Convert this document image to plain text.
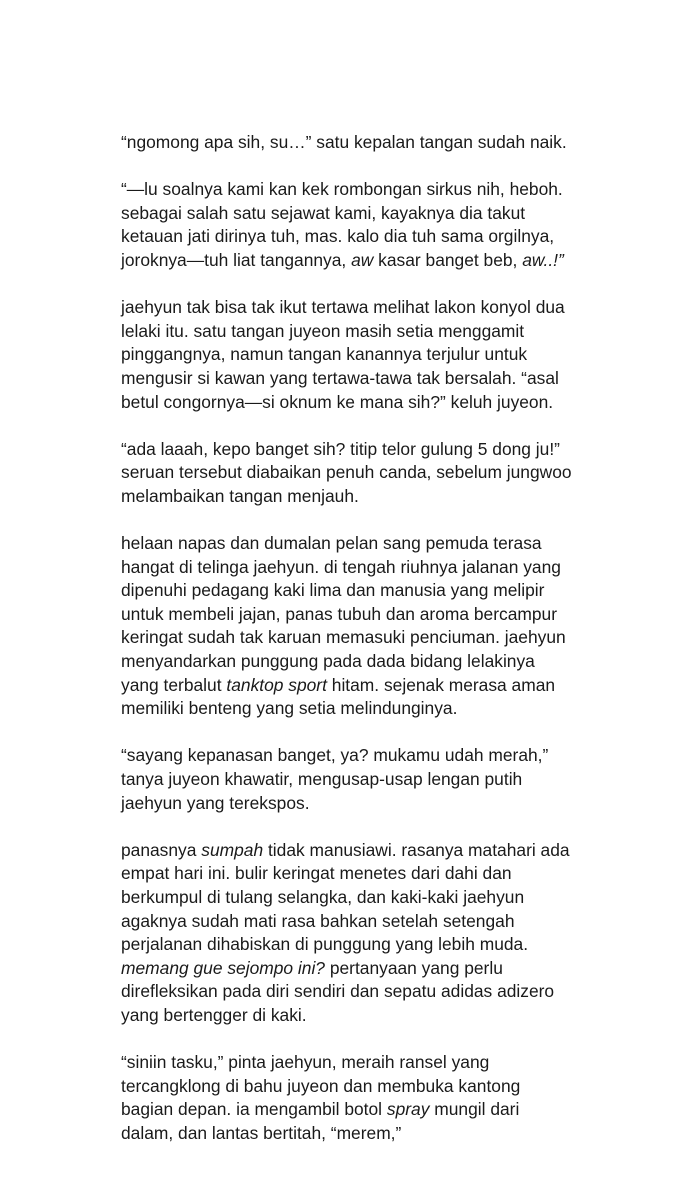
“ngomong apa sih, su…” satu kepalan tangan sudah naik.
“—lu soalnya kami kan kek rombongan sirkus nih, heboh.
sebagai salah satu sejawat kami, kayaknya dia takut
ketauan jati dirinya tuh, mas. kalo dia tuh sama orgilnya,
joroknya—tuh liat tangannya, aw kasar banget beb, aw..!”
jaehyun tak bisa tak ikut tertawa melihat lakon konyol dua
lelaki itu. satu tangan juyeon masih setia menggamit
pinggangnya, namun tangan kanannya terjulur untuk
mengusir si kawan yang tertawa-tawa tak bersalah. “asal
betul congornya—si oknum ke mana sih?” keluh juyeon.
“ada laaah, kepo banget sih? titip telor gulung 5 dong ju!”
seruan tersebut diabaikan penuh canda, sebelum jungwoo
melambaikan tangan menjauh.
helaan napas dan dumalan pelan sang pemuda terasa
hangat di telinga jaehyun. di tengah riuhnya jalanan yang
dipenuhi pedagang kaki lima dan manusia yang melipir
untuk membeli jajan, panas tubuh dan aroma bercampur
keringat sudah tak karuan memasuki penciuman. jaehyun
menyandarkan punggung pada dada bidang lelakinya
yang terbalut tanktop sport hitam. sejenak merasa aman
memiliki benteng yang setia melindunginya.
“sayang kepanasan banget, ya? mukamu udah merah,”
tanya juyeon khawatir, mengusap-usap lengan putih
jaehyun yang terekspos.
panasnya sumpah tidak manusiawi. rasanya matahari ada
empat hari ini. bulir keringat menetes dari dahi dan
berkumpul di tulang selangka, dan kaki-kaki jaehyun
agaknya sudah mati rasa bahkan setelah setengah
perjalanan dihabiskan di punggung yang lebih muda.
memang gue sejompo ini? pertanyaan yang perlu
direfleksikan pada diri sendiri dan sepatu adidas adizero
yang bertengger di kaki.
“siniin tasku,” pinta jaehyun, meraih ransel yang
tercangklong di bahu juyeon dan membuka kantong
bagian depan. ia mengambil botol spray mungil dari
dalam, dan lantas bertitah, “merem,”
